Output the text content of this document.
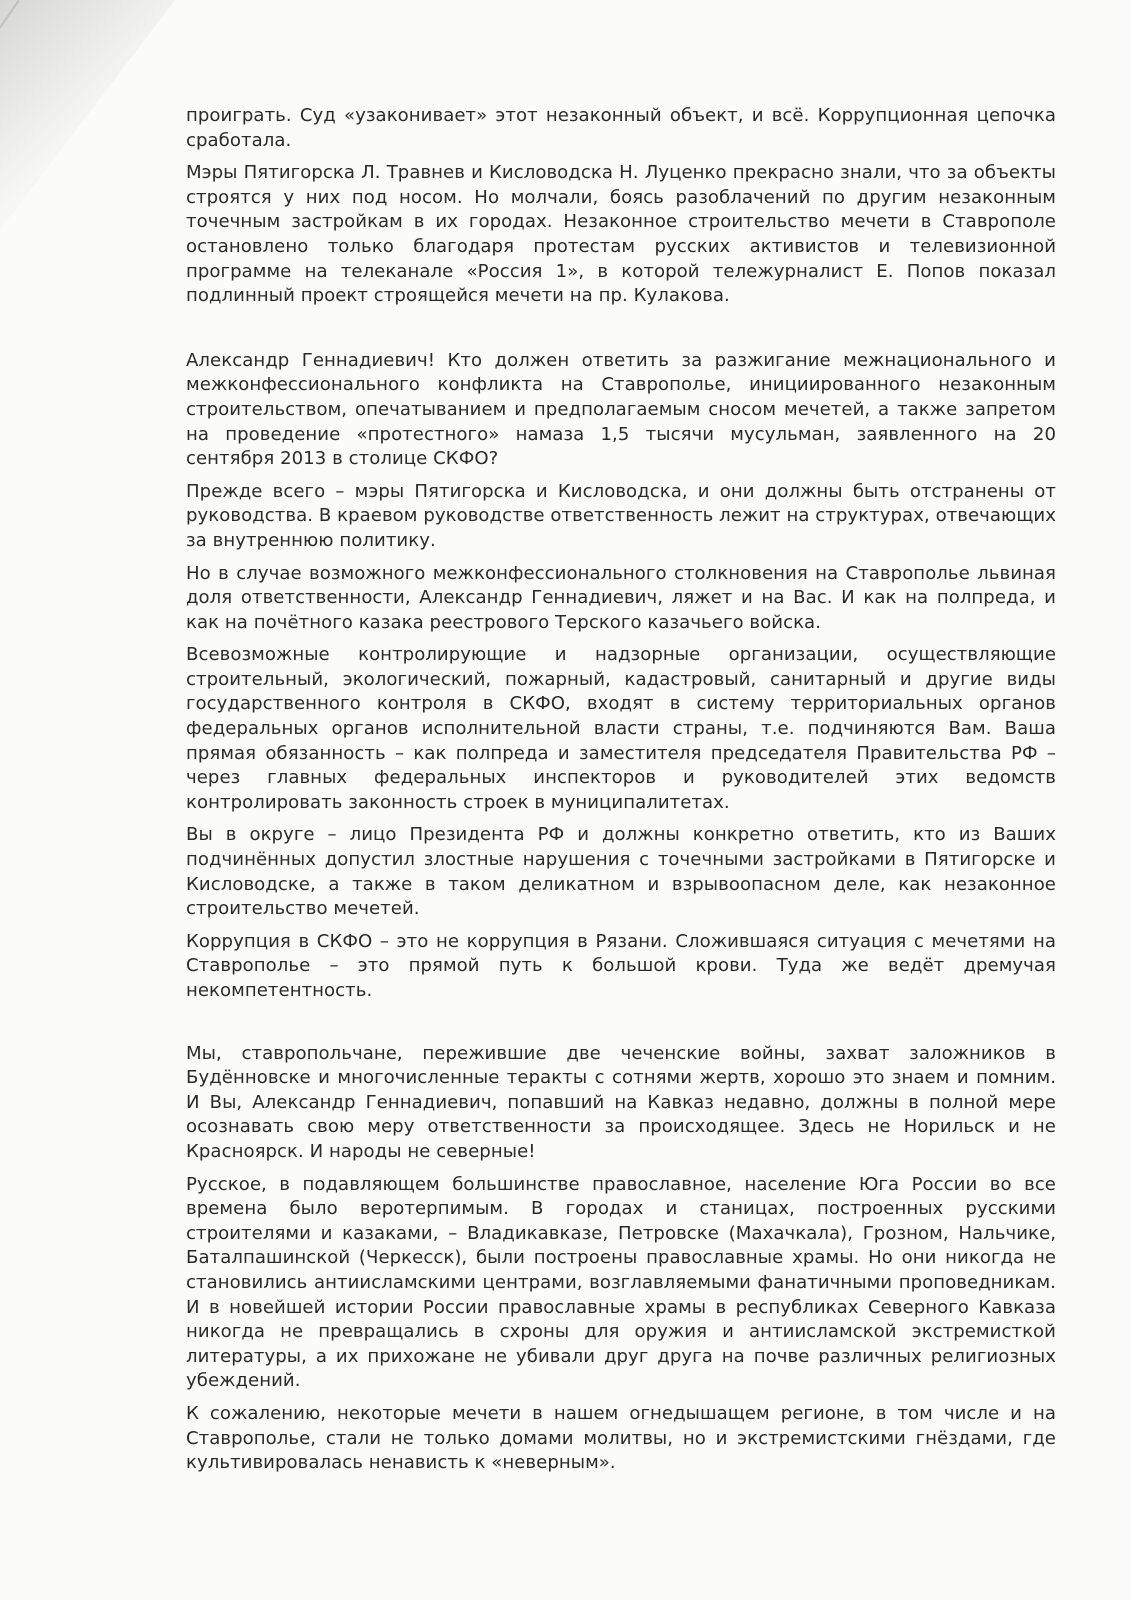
проиграть. Суд «узаконивает» этот незаконный объект, и всё. Коррупционная цепочка сработала.

Мэры Пятигорска Л. Травнев и Кисловодска Н. Луценко прекрасно знали, что за объекты строятся у них под носом. Но молчали, боясь разоблачений по другим незаконным точечным застройкам в их городах. Незаконное строительство мечети в Ставрополе остановлено только благодаря протестам русских активистов и телевизионной программе на телеканале «Россия 1», в которой тележурналист Е. Попов показал подлинный проект строящейся мечети на пр. Кулакова.

Александр Геннадиевич! Кто должен ответить за разжигание межнационального и межконфессионального конфликта на Ставрополье, инициированного незаконным строительством, опечатыванием и предполагаемым сносом мечетей, а также запретом на проведение «протестного» намаза 1,5 тысячи мусульман, заявленного на 20 сентября 2013 в столице СКФО?

Прежде всего – мэры Пятигорска и Кисловодска, и они должны быть отстранены от руководства. В краевом руководстве ответственность лежит на структурах, отвечающих за внутреннюю политику.

Но в случае возможного межконфессионального столкновения на Ставрополье львиная доля ответственности, Александр Геннадиевич, ляжет и на Вас. И как на полпреда, и как на почётного казака реестрового Терского казачьего войска.

Всевозможные контролирующие и надзорные организации, осуществляющие строительный, экологический, пожарный, кадастровый, санитарный и другие виды государственного контроля в СКФО, входят в систему территориальных органов федеральных органов исполнительной власти страны, т.е. подчиняются Вам. Ваша прямая обязанность – как полпреда и заместителя председателя Правительства РФ – через главных федеральных инспекторов и руководителей этих ведомств контролировать законность строек в муниципалитетах.

Вы в округе – лицо Президента РФ и должны конкретно ответить, кто из Ваших подчинённых допустил злостные нарушения с точечными застройками в Пятигорске и Кисловодске, а также в таком деликатном и взрывоопасном деле, как незаконное строительство мечетей.

Коррупция в СКФО – это не коррупция в Рязани. Сложившаяся ситуация с мечетями на Ставрополье – это прямой путь к большой крови. Туда же ведёт дремучая некомпетентность.

Мы, ставропольчане, пережившие две чеченские войны, захват заложников в Будённовске и многочисленные теракты с сотнями жертв, хорошо это знаем и помним. И Вы, Александр Геннадиевич, попавший на Кавказ недавно, должны в полной мере осознавать свою меру ответственности за происходящее. Здесь не Норильск и не Красноярск. И народы не северные!

Русское, в подавляющем большинстве православное, население Юга России во все времена было веротерпимым. В городах и станицах, построенных русскими строителями и казаками, – Владикавказе, Петровске (Махачкала), Грозном, Нальчике, Баталпашинской (Черкесск), были построены православные храмы. Но они никогда не становились антиисламскими центрами, возглавляемыми фанатичными проповедникам. И в новейшей истории России православные храмы в республиках Северного Кавказа никогда не превращались в схроны для оружия и антиисламской экстремисткой литературы, а их прихожане не убивали друг друга на почве различных религиозных убеждений.

К сожалению, некоторые мечети в нашем огнедышащем регионе, в том числе и на Ставрополье, стали не только домами молитвы, но и экстремистскими гнёздами, где культивировалась ненависть к «неверным».
